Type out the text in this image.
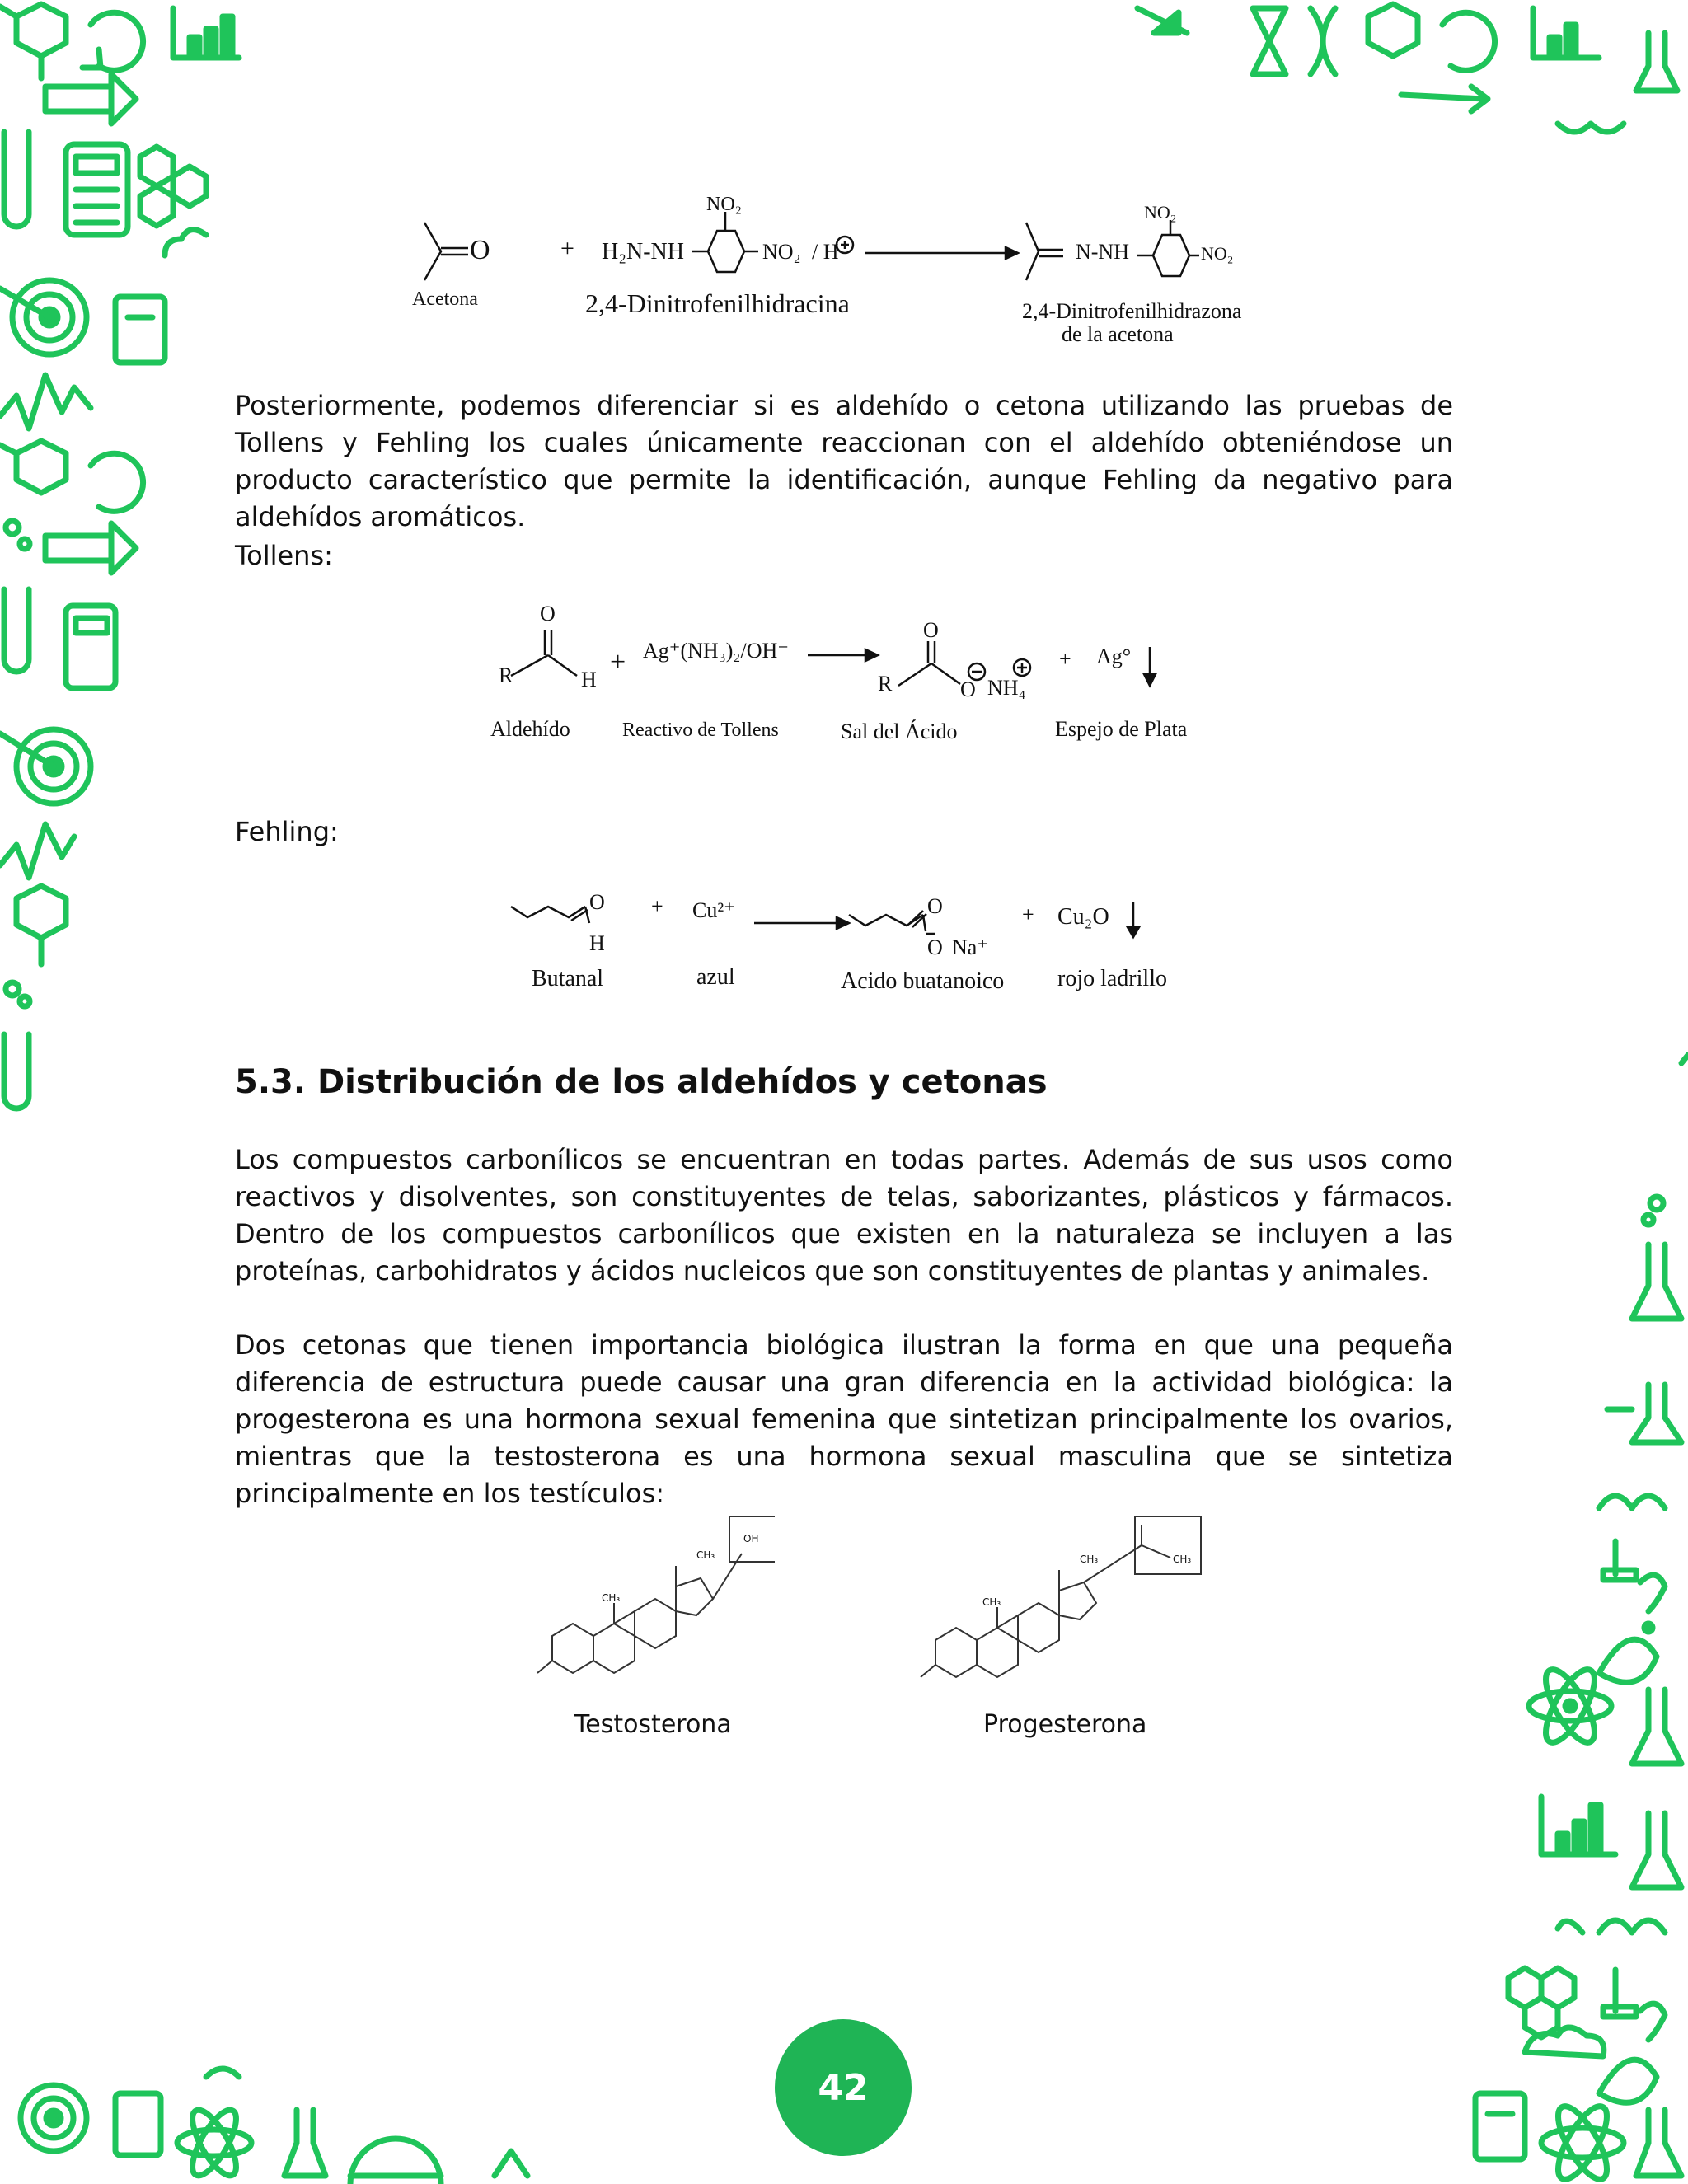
O
Acetona
+ H₂N-NH
NO₂
NO₂ / H
2,4-Dinitrofenilhidracina
N-NH
NO₂
NO₂
2,4-Dinitrofenilhidrazona
de la acetona

Posteriormente, podemos diferenciar si es aldehído o cetona utilizando las pruebas de Tollens y Fehling los cuales únicamente reaccionan con el aldehído obteniéndose un producto característico que permite la identificación, aunque Fehling da negativo para aldehídos aromáticos.

Tollens:
R
O
H
+ Ag⁺(NH₃)₂/OH⁻
R
O
O NH₄
+ Ag°
Aldehído	Reactivo de Tollens	Sal del Ácido	Espejo de Plata
Fehling:
O
H
+ Cu²⁺	O
O Na⁺
+ Cu₂O
Butanal	azul	Acido buatanoico rojo ladrillo
5.3. Distribución de los aldehídos y cetonas

Los compuestos carbonílicos se encuentran en todas partes. Además de sus usos como reactivos y disolventes, son constituyentes de telas, saborizantes, plásticos y fármacos. Dentro de los compuestos carbonílicos que existen en la naturaleza se incluyen a las proteínas, carbohidratos y ácidos nucleicos que son constituyentes de plantas y animales.

Dos cetonas que tienen importancia biológica ilustran la forma en que una pequeña diferencia de estructura puede causar una gran diferencia en la actividad biológica: la progesterona es una hormona sexual femenina que sintetizan principalmente los ovarios, mientras que la testosterona es una hormona sexual masculina que se sintetiza principalmente en los testículos:

OH
CH₃
CH₃
Testosterona
CH₃
CH₃	CH₃
Progesterona
42
